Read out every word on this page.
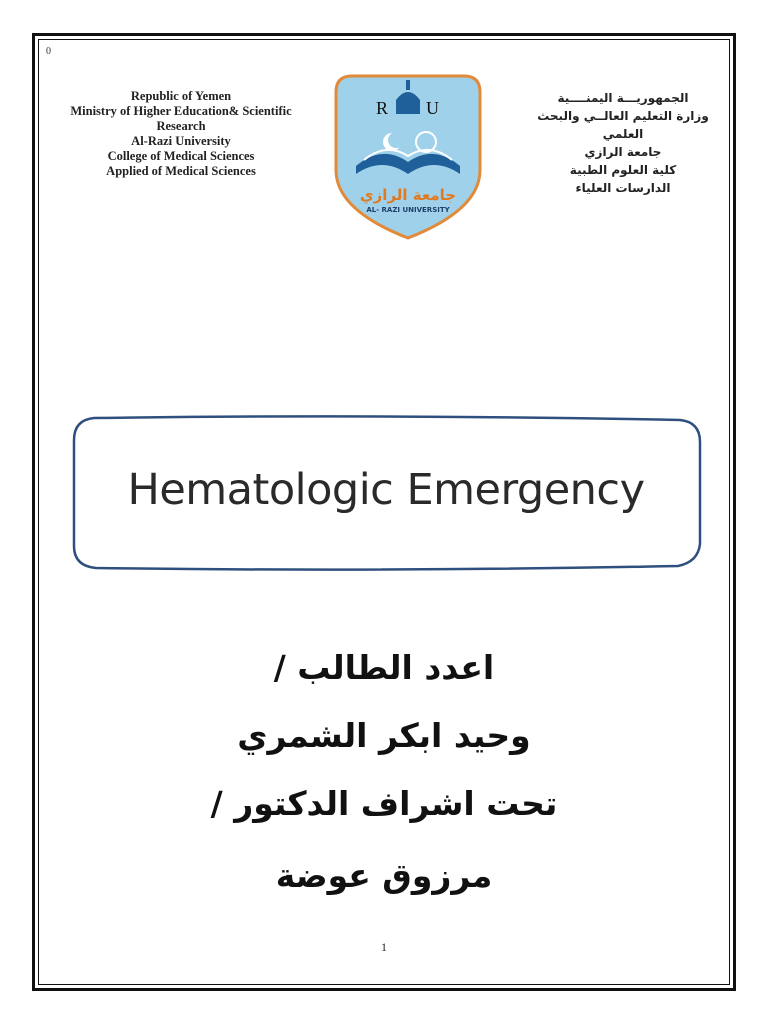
0
Republic of Yemen
Ministry of Higher Education& Scientific Research
Al-Razi University
College of Medical Sciences
Applied of Medical Sciences
R U
جامعة الرازي
AL- RAZI UNIVERSITY
الجمهوريـــة اليمنــــية
وزارة التعليم العالــي والبحث
العلمي
جامعة الرازي
كلية العلوم الطبية
الدارسات العلياء
Hematologic Emergency
اعدد الطالب /
وحيد ابكر الشمري
تحت اشراف الدكتور /
مرزوق عوضة
1
